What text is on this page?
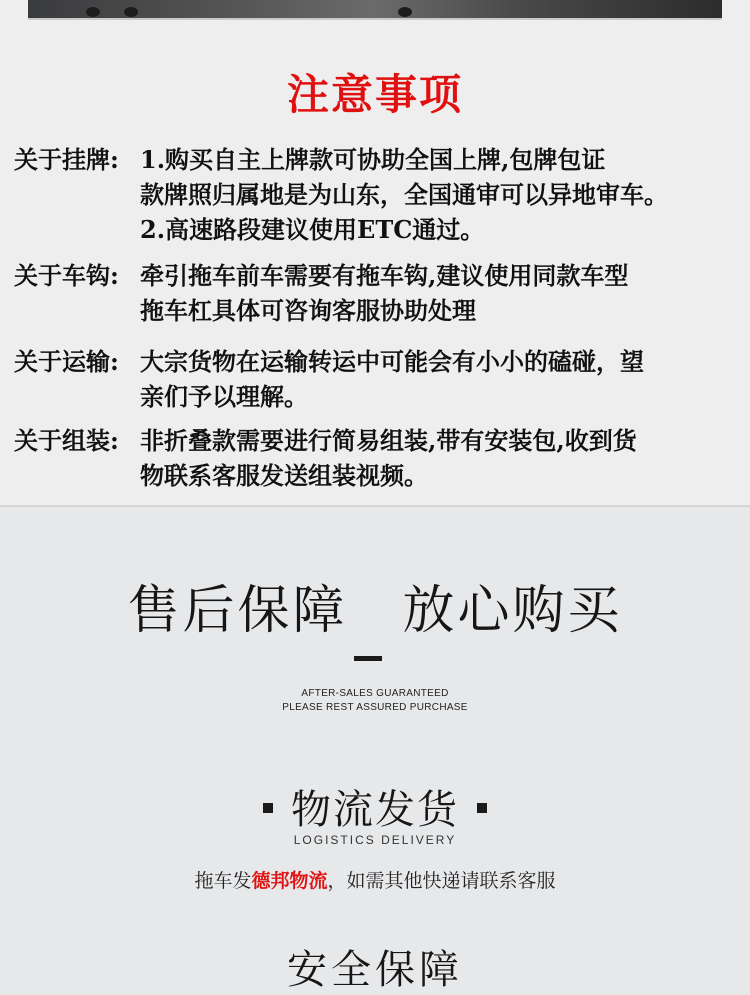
注意事项
关于挂牌: 1.购买自主上牌款可协助全国上牌,包牌包证
款牌照归属地是为山东，全国通审可以异地审车。
2.高速路段建议使用ETC通过。
关于车钩: 牵引拖车前车需要有拖车钩,建议使用同款车型
拖车杠具体可咨询客服协助处理
关于运输: 大宗货物在运输转运中可能会有小小的磕碰，望
亲们予以理解。
关于组装: 非折叠款需要进行简易组装,带有安装包,收到货
物联系客服发送组装视频。
售后保障　放心购买
AFTER-SALES GUARANTEED
PLEASE REST ASSURED PURCHASE
物流发货
LOGISTICS DELIVERY
拖车发德邦物流，如需其他快递请联系客服
安全保障
